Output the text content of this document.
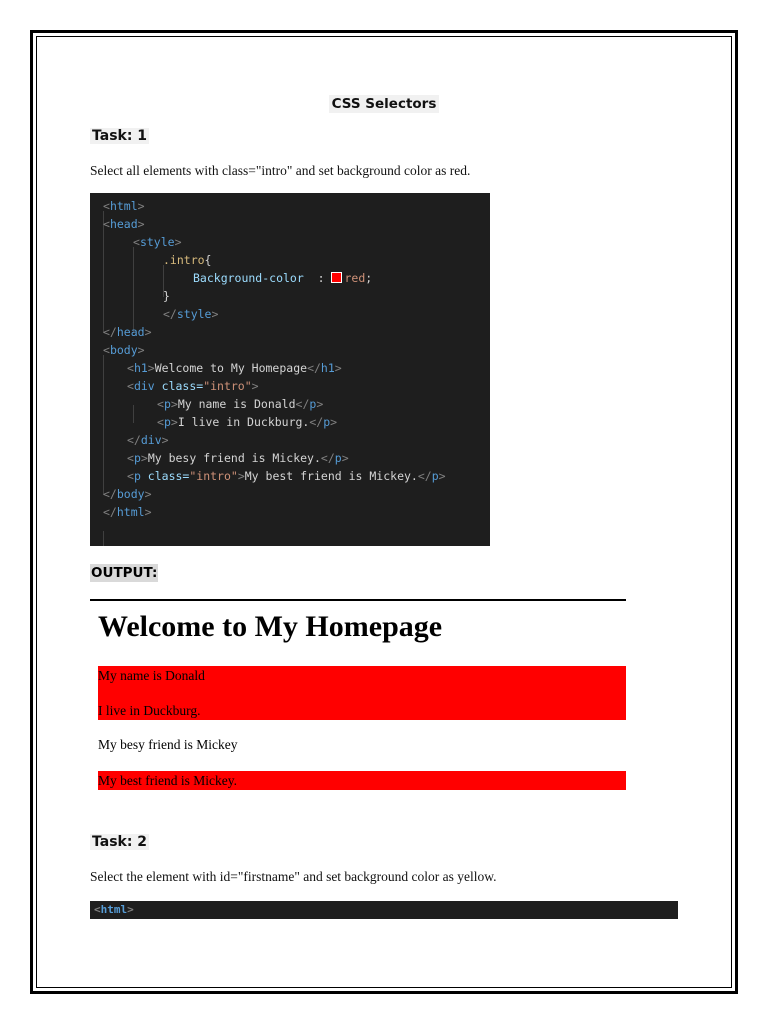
CSS Selectors
Task: 1
Select all elements with class="intro" and set background color as red.
<html>
<head>
<style>
.intro{
Background-color  : red;
}
</style>
</head>
<body>
<h1>Welcome to My Homepage</h1>
<div class="intro">
<p>My name is Donald</p>
<p>I live in Duckburg.</p>
</div>
<p>My besy friend is Mickey.</p>
<p class="intro">My best friend is Mickey.</p>
</body>
</html>
OUTPUT:
Welcome to My Homepage
My name is Donald
I live in Duckburg.
My besy friend is Mickey
My best friend is Mickey.
Task: 2
Select the element with id="firstname" and set background color as yellow.
<html>
